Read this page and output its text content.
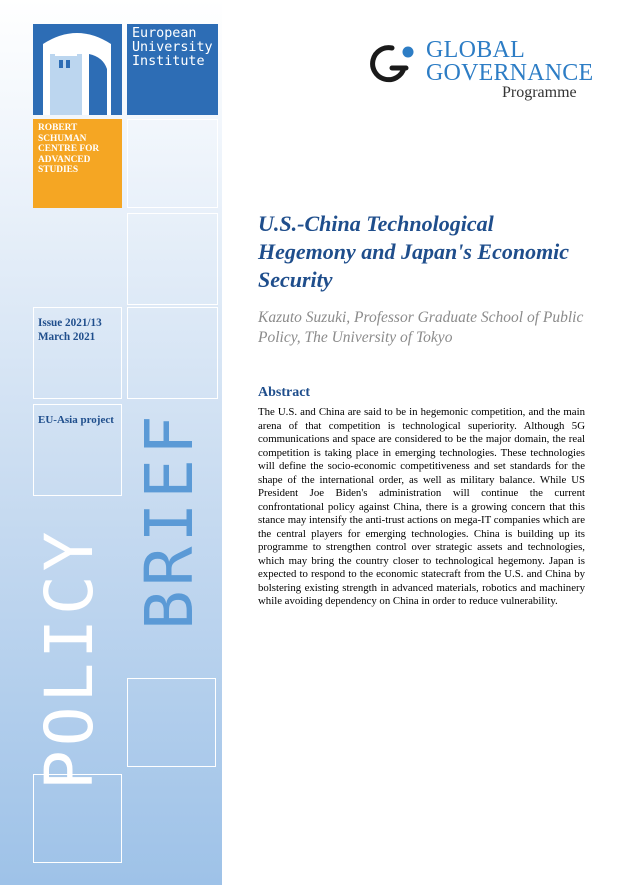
European
University
Institute
ROBERT
SCHUMAN
CENTRE FOR
ADVANCED
STUDIES
Issue 2021/13
March 2021
EU-Asia project
POLICY
BRIEF
GLOBAL
GOVERNANCE
Programme
U.S.-China Technological Hegemony and Japan's Economic Security
Kazuto Suzuki, Professor Graduate School of Public Policy, The University of Tokyo
Abstract
The U.S. and China are said to be in hegemonic competition, and the main arena of that competition is technological superiority. Although 5G communications and space are considered to be the major domain, the real competition is taking place in emerging technologies. These technologies will define the socio-economic competitiveness and set standards for the shape of the international order, as well as military balance. While US President Joe Biden's administration will continue the current confrontational policy against China, there is a growing concern that this stance may intensify the anti-trust actions on mega-IT companies which are the central players for emerging technologies. China is building up its programme to strengthen control over strategic assets and technologies, which may bring the country closer to technological hegemony. Japan is expected to respond to the economic statecraft from the U.S. and China by bolstering existing strength in advanced materials, robotics and machinery while avoiding dependency on China in order to reduce vulnerability.
